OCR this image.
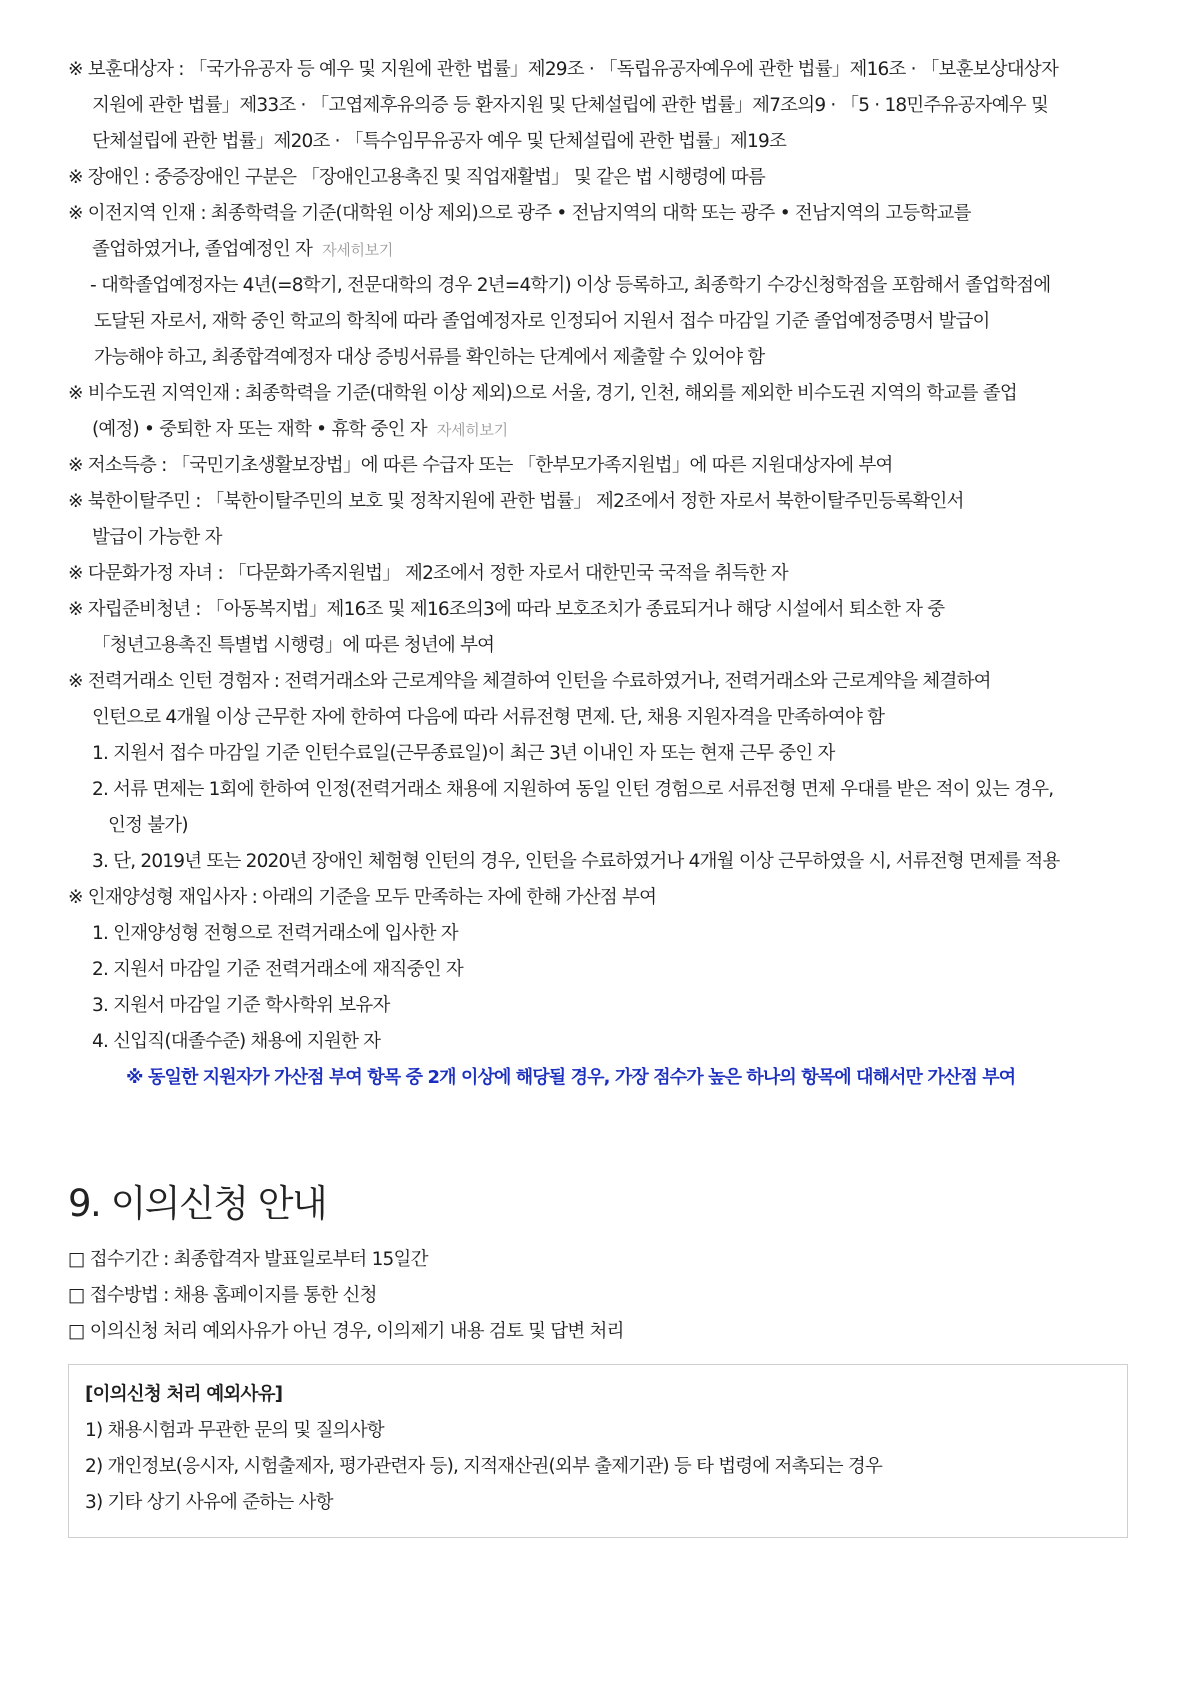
※ 보훈대상자 : 「국가유공자 등 예우 및 지원에 관한 법률」제29조 · 「독립유공자예우에 관한 법률」제16조 · 「보훈보상대상자
지원에 관한 법률」제33조 · 「고엽제후유의증 등 환자지원 및 단체설립에 관한 법률」제7조의9 · 「5 · 18민주유공자예우 및
단체설립에 관한 법률」제20조 · 「특수임무유공자 예우 및 단체설립에 관한 법률」제19조
※ 장애인 : 중증장애인 구분은 「장애인고용촉진 및 직업재활법」 및 같은 법 시행령에 따름
※ 이전지역 인재 : 최종학력을 기준(대학원 이상 제외)으로 광주 • 전남지역의 대학 또는 광주 • 전남지역의 고등학교를
졸업하였거나, 졸업예정인 자 자세히보기
- 대학졸업예정자는 4년(=8학기, 전문대학의 경우 2년=4학기) 이상 등록하고, 최종학기 수강신청학점을 포함해서 졸업학점에
도달된 자로서, 재학 중인 학교의 학칙에 따라 졸업예정자로 인정되어 지원서 접수 마감일 기준 졸업예정증명서 발급이
가능해야 하고, 최종합격예정자 대상 증빙서류를 확인하는 단계에서 제출할 수 있어야 함
※ 비수도권 지역인재 : 최종학력을 기준(대학원 이상 제외)으로 서울, 경기, 인천, 해외를 제외한 비수도권 지역의 학교를 졸업
(예정) • 중퇴한 자 또는 재학 • 휴학 중인 자 자세히보기
※ 저소득층 : 「국민기초생활보장법」에 따른 수급자 또는 「한부모가족지원법」에 따른 지원대상자에 부여
※ 북한이탈주민 : 「북한이탈주민의 보호 및 정착지원에 관한 법률」 제2조에서 정한 자로서 북한이탈주민등록확인서
발급이 가능한 자
※ 다문화가정 자녀 : 「다문화가족지원법」 제2조에서 정한 자로서 대한민국 국적을 취득한 자
※ 자립준비청년 : 「아동복지법」제16조 및 제16조의3에 따라 보호조치가 종료되거나 해당 시설에서 퇴소한 자 중
「청년고용촉진 특별법 시행령」에 따른 청년에 부여
※ 전력거래소 인턴 경험자 : 전력거래소와 근로계약을 체결하여 인턴을 수료하였거나, 전력거래소와 근로계약을 체결하여
인턴으로 4개월 이상 근무한 자에 한하여 다음에 따라 서류전형 면제. 단, 채용 지원자격을 만족하여야 함
1. 지원서 접수 마감일 기준 인턴수료일(근무종료일)이 최근 3년 이내인 자 또는 현재 근무 중인 자
2. 서류 면제는 1회에 한하여 인정(전력거래소 채용에 지원하여 동일 인턴 경험으로 서류전형 면제 우대를 받은 적이 있는 경우,
인정 불가)
3. 단, 2019년 또는 2020년 장애인 체험형 인턴의 경우, 인턴을 수료하였거나 4개월 이상 근무하였을 시, 서류전형 면제를 적용
※ 인재양성형 재입사자 : 아래의 기준을 모두 만족하는 자에 한해 가산점 부여
1. 인재양성형 전형으로 전력거래소에 입사한 자
2. 지원서 마감일 기준 전력거래소에 재직중인 자
3. 지원서 마감일 기준 학사학위 보유자
4. 신입직(대졸수준) 채용에 지원한 자
※ 동일한 지원자가 가산점 부여 항목 중 2개 이상에 해당될 경우, 가장 점수가 높은 하나의 항목에 대해서만 가산점 부여
9. 이의신청 안내
□ 접수기간 : 최종합격자 발표일로부터 15일간
□ 접수방법 : 채용 홈페이지를 통한 신청
□ 이의신청 처리 예외사유가 아닌 경우, 이의제기 내용 검토 및 답변 처리
[이의신청 처리 예외사유]
1) 채용시험과 무관한 문의 및 질의사항
2) 개인정보(응시자, 시험출제자, 평가관련자 등), 지적재산권(외부 출제기관) 등 타 법령에 저촉되는 경우
3) 기타 상기 사유에 준하는 사항
